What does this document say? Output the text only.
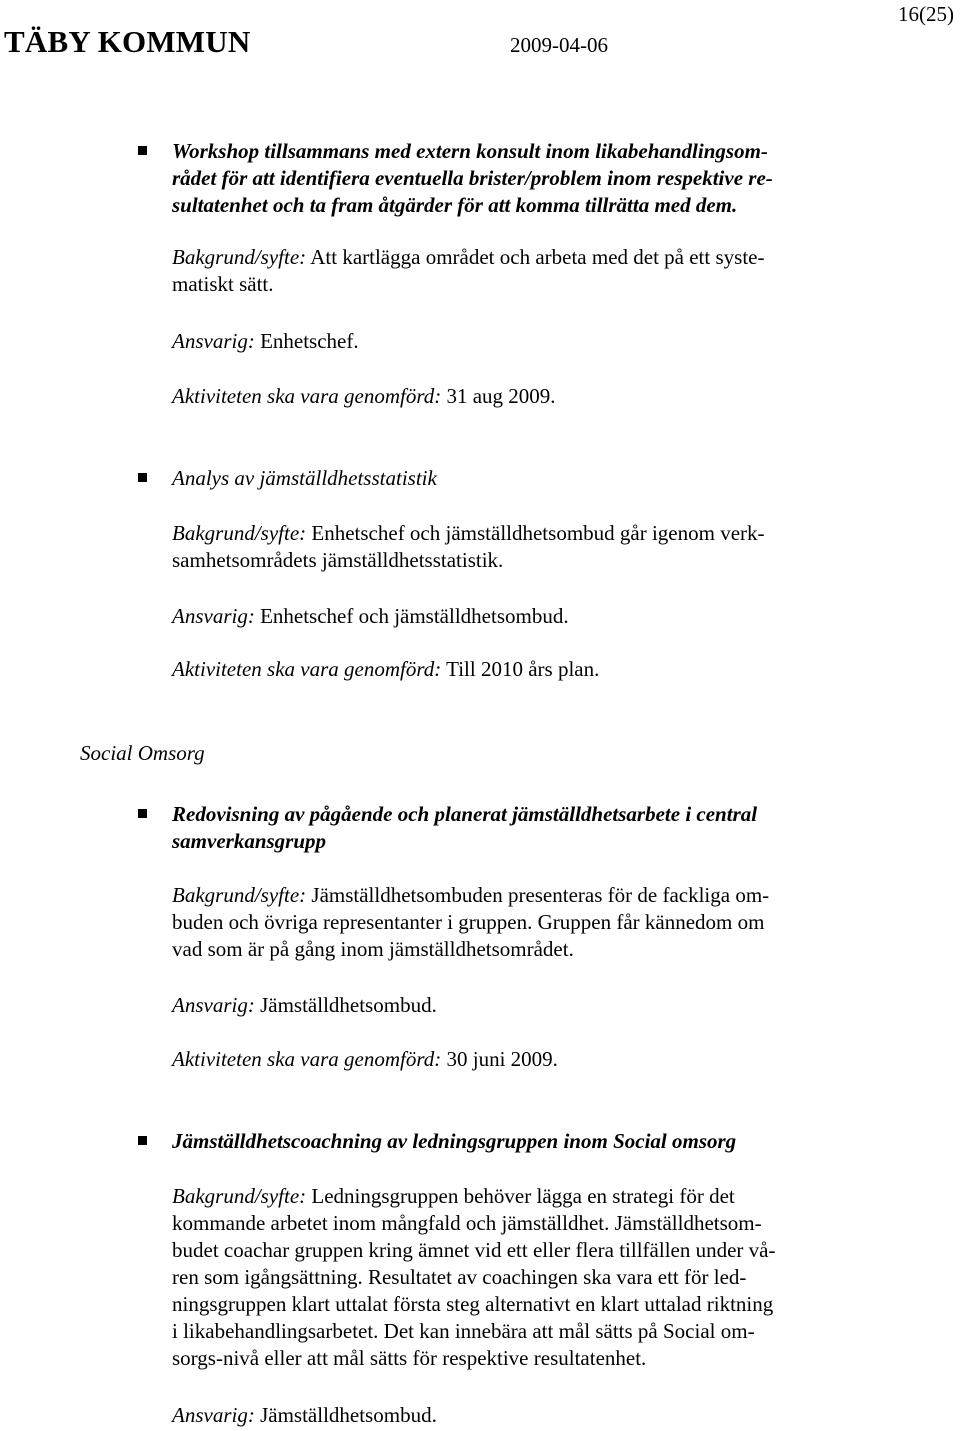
16(25)
TÄBY KOMMUN	2009-04-06
Workshop tillsammans med extern konsult inom likabehandlingsom-
rådet för att identifiera eventuella brister/problem inom respektive re-
sultatenhet och ta fram åtgärder för att komma tillrätta med dem.
Bakgrund/syfte: Att kartlägga området och arbeta med det på ett syste-
matiskt sätt.
Ansvarig: Enhetschef.
Aktiviteten ska vara genomförd: 31 aug 2009.
Analys av jämställdhetsstatistik
Bakgrund/syfte: Enhetschef och jämställdhetsombud går igenom verk-
samhetsområdets jämställdhetsstatistik.
Ansvarig: Enhetschef och jämställdhetsombud.
Aktiviteten ska vara genomförd: Till 2010 års plan.
Social Omsorg
Redovisning av pågående och planerat jämställdhetsarbete i central
samverkansgrupp
Bakgrund/syfte: Jämställdhetsombuden presenteras för de fackliga om-
buden och övriga representanter i gruppen. Gruppen får kännedom om
vad som är på gång inom jämställdhetsområdet.
Ansvarig: Jämställdhetsombud.
Aktiviteten ska vara genomförd: 30 juni 2009.
Jämställdhetscoachning av ledningsgruppen inom Social omsorg
Bakgrund/syfte: Ledningsgruppen behöver lägga en strategi för det
kommande arbetet inom mångfald och jämställdhet. Jämställdhetsom-
budet coachar gruppen kring ämnet vid ett eller flera tillfällen under vå-
ren som igångsättning. Resultatet av coachingen ska vara ett för led-
ningsgruppen klart uttalat första steg alternativt en klart uttalad riktning
i likabehandlingsarbetet. Det kan innebära att mål sätts på Social om-
sorgs-nivå eller att mål sätts för respektive resultatenhet.
Ansvarig: Jämställdhetsombud.
